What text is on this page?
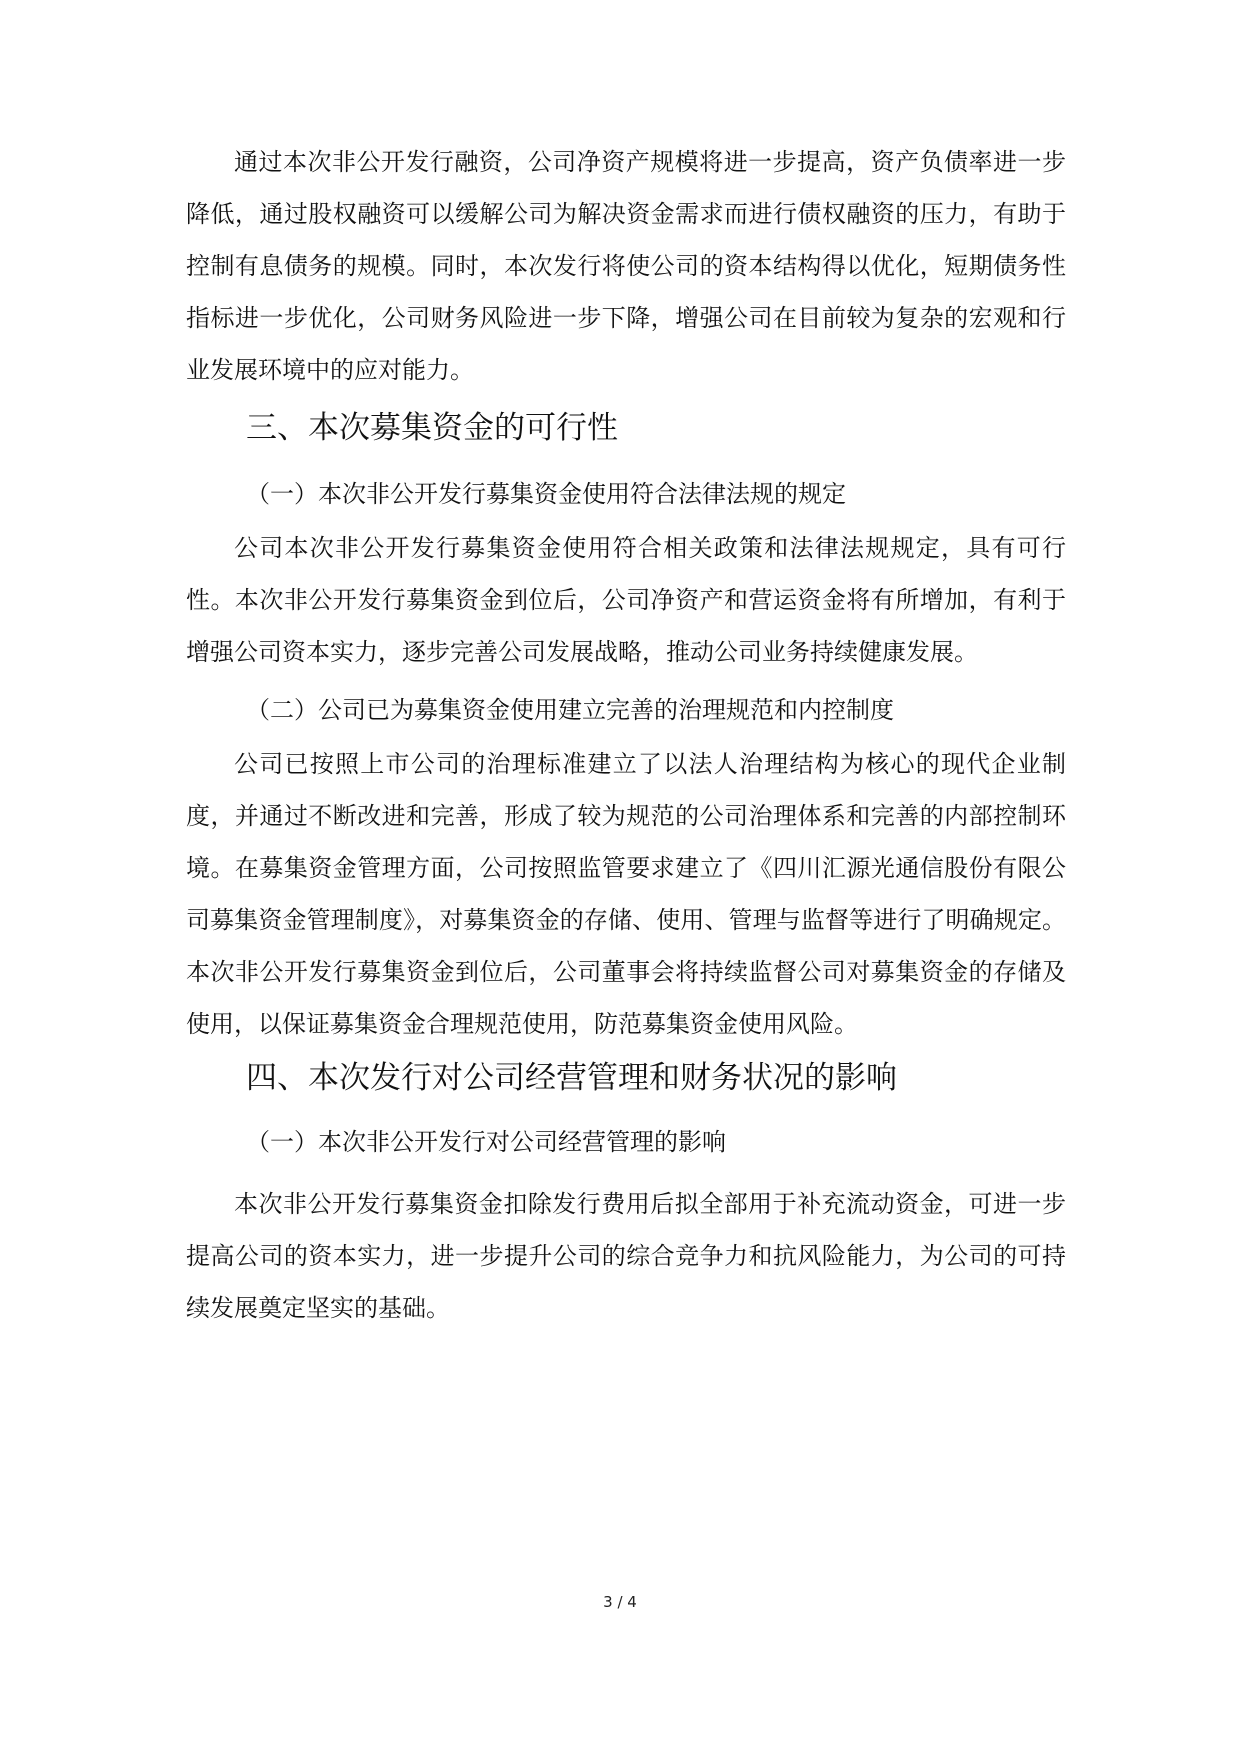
通过本次非公开发行融资，公司净资产规模将进一步提高，资产负债率进一步降低，通过股权融资可以缓解公司为解决资金需求而进行债权融资的压力，有助于控制有息债务的规模。同时，本次发行将使公司的资本结构得以优化，短期债务性指标进一步优化，公司财务风险进一步下降，增强公司在目前较为复杂的宏观和行业发展环境中的应对能力。

三、本次募集资金的可行性
（一）本次非公开发行募集资金使用符合法律法规的规定

公司本次非公开发行募集资金使用符合相关政策和法律法规规定，具有可行性。本次非公开发行募集资金到位后，公司净资产和营运资金将有所增加，有利于增强公司资本实力，逐步完善公司发展战略，推动公司业务持续健康发展。

（二）公司已为募集资金使用建立完善的治理规范和内控制度

公司已按照上市公司的治理标准建立了以法人治理结构为核心的现代企业制度，并通过不断改进和完善，形成了较为规范的公司治理体系和完善的内部控制环境。在募集资金管理方面，公司按照监管要求建立了《四川汇源光通信股份有限公司募集资金管理制度》，对募集资金的存储、使用、管理与监督等进行了明确规定。本次非公开发行募集资金到位后，公司董事会将持续监督公司对募集资金的存储及使用，以保证募集资金合理规范使用，防范募集资金使用风险。

四、本次发行对公司经营管理和财务状况的影响
（一）本次非公开发行对公司经营管理的影响

本次非公开发行募集资金扣除发行费用后拟全部用于补充流动资金，可进一步提高公司的资本实力，进一步提升公司的综合竞争力和抗风险能力，为公司的可持续发展奠定坚实的基础。

3 / 4
